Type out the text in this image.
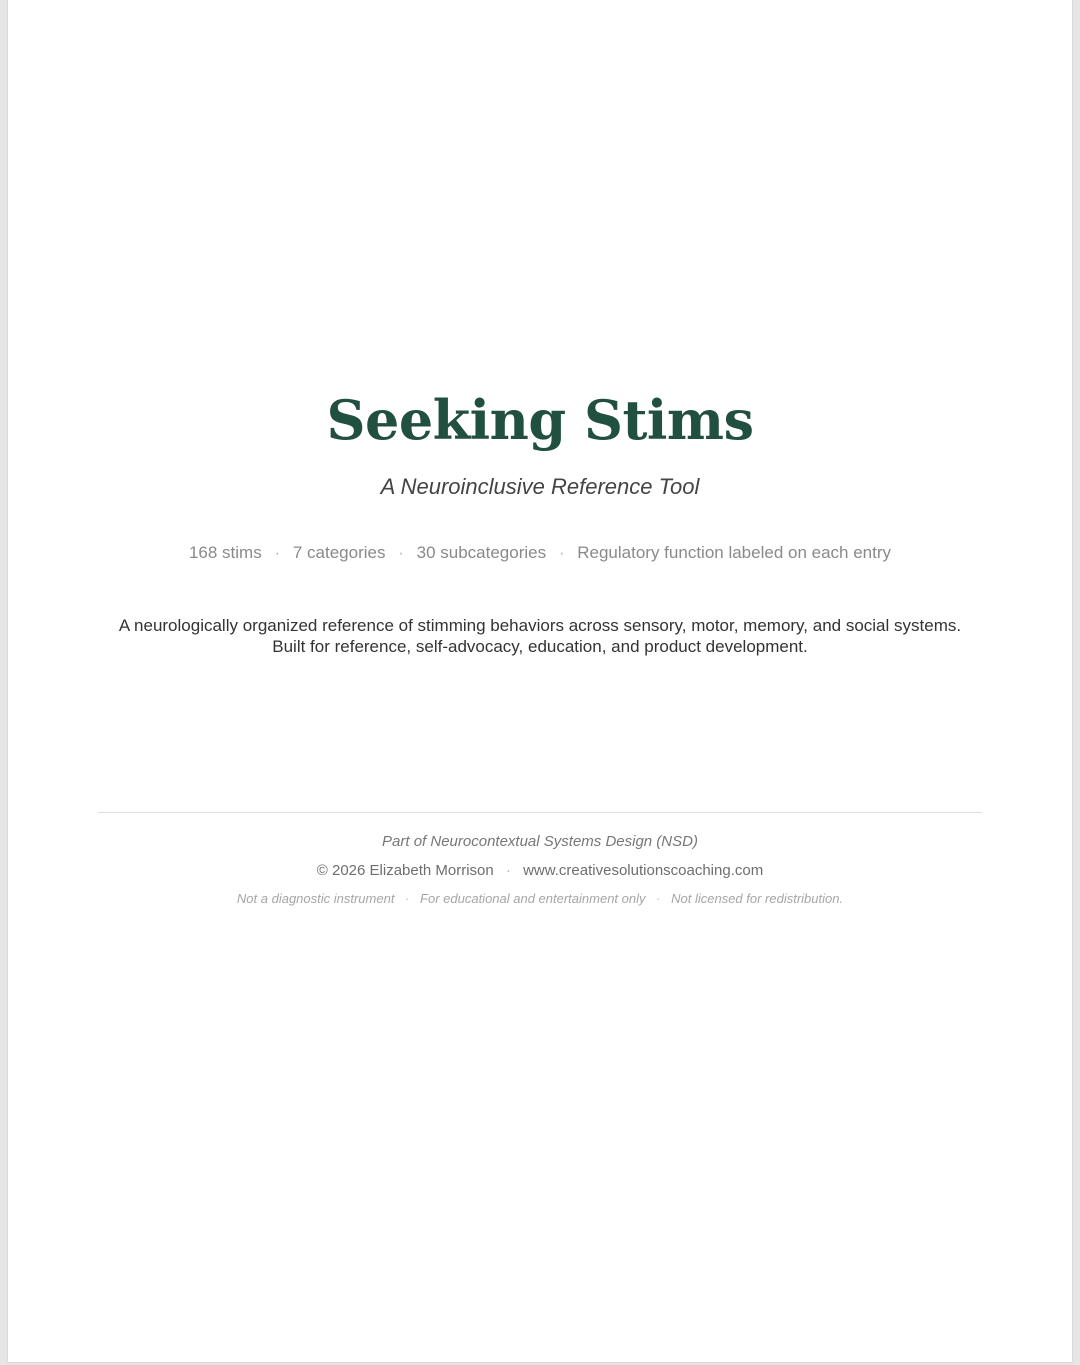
Seeking Stims
A Neuroinclusive Reference Tool
168 stims · 7 categories · 30 subcategories · Regulatory function labeled on each entry
A neurologically organized reference of stimming behaviors across sensory, motor, memory, and social systems.
Built for reference, self-advocacy, education, and product development.
Part of Neurocontextual Systems Design (NSD)
© 2026 Elizabeth Morrison · www.creativesolutionscoaching.com
Not a diagnostic instrument · For educational and entertainment only · Not licensed for redistribution.
